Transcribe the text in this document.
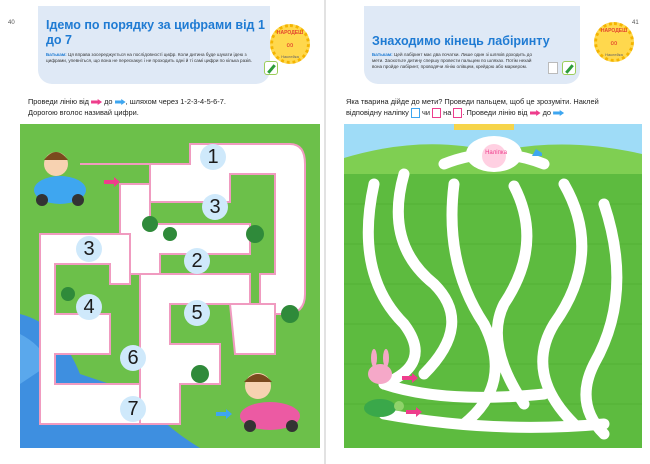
40	Ідемо по порядку за цифрами від 1 до 7
Батькам: Ця вправа зосереджується на послідовності цифр. Коли дитина буде шукати ідею з цифрами, упевніться, що вона не перескакує і не проходить одні й ті самі цифри по кілька разів.
НАРОДЕШ
∞
Наклейка
Проведи лінію від до , шляхом через 1-2-3-4-5-6-7.
Дорогою вголос називай цифри.
1
3
3
2
4	5
6
7
41
Знаходимо кінець лабіринту
Батькам: Цей лабіринт має два початки. Лише один зі шляхів доходить до мети. Заохотьте дитину спершу провести пальцем по шляхах. Потім нехай вона пройде лабіринт, проводячи лінію олівцем, крейдою або маркером.
НАРОДЕШ
∞
Наклейка
Яка тварина дійде до мети? Проведи пальцем, щоб це зрозуміти. Наклей
відповідну наліпку чи на . Проведи лінію від до
Наліпка
